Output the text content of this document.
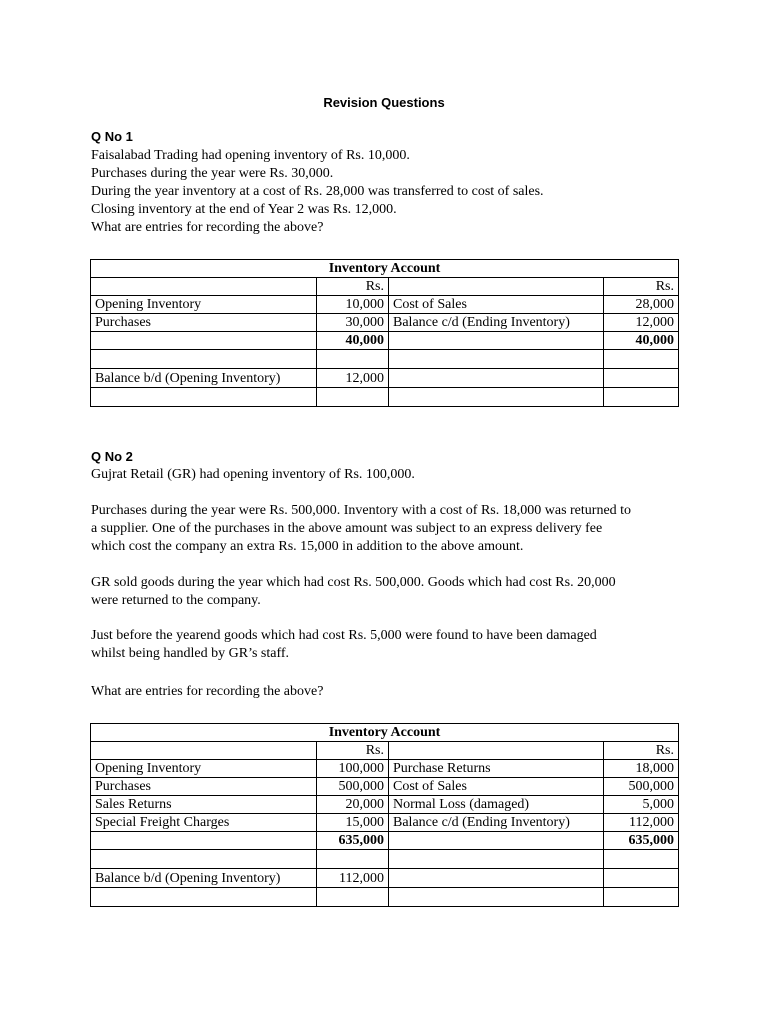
Revision Questions
Q No 1

Faisalabad Trading had opening inventory of Rs. 10,000.

Purchases during the year were Rs. 30,000.

During the year inventory at a cost of Rs. 28,000 was transferred to cost of sales.

Closing inventory at the end of Year 2 was Rs. 12,000.

What are entries for recording the above?

Inventory Account			
	Rs.		Rs.
Opening Inventory	10,000	Cost of Sales	28,000
Purchases	30,000	Balance c/d (Ending Inventory)	12,000
	40,000		40,000

Balance b/d (Opening Inventory)	12,000		

Q No 2
Gujrat Retail (GR) had opening inventory of Rs. 100,000.

Purchases during the year were Rs. 500,000. Inventory with a cost of Rs. 18,000 was returned to

a supplier. One of the purchases in the above amount was subject to an express delivery fee

which cost the company an extra Rs. 15,000 in addition to the above amount.

GR sold goods during the year which had cost Rs. 500,000. Goods which had cost Rs. 20,000

were returned to the company.

Just before the yearend goods which had cost Rs. 5,000 were found to have been damaged

whilst being handled by GR’s staff.

What are entries for recording the above?
Inventory Account			
	Rs.		Rs.
Opening Inventory	100,000	Purchase Returns	18,000
Purchases	500,000	Cost of Sales	500,000
Sales Returns	20,000	Normal Loss (damaged)	5,000
Special Freight Charges	15,000	Balance c/d (Ending Inventory)	112,000
	635,000		635,000

Balance b/d (Opening Inventory)	112,000		
